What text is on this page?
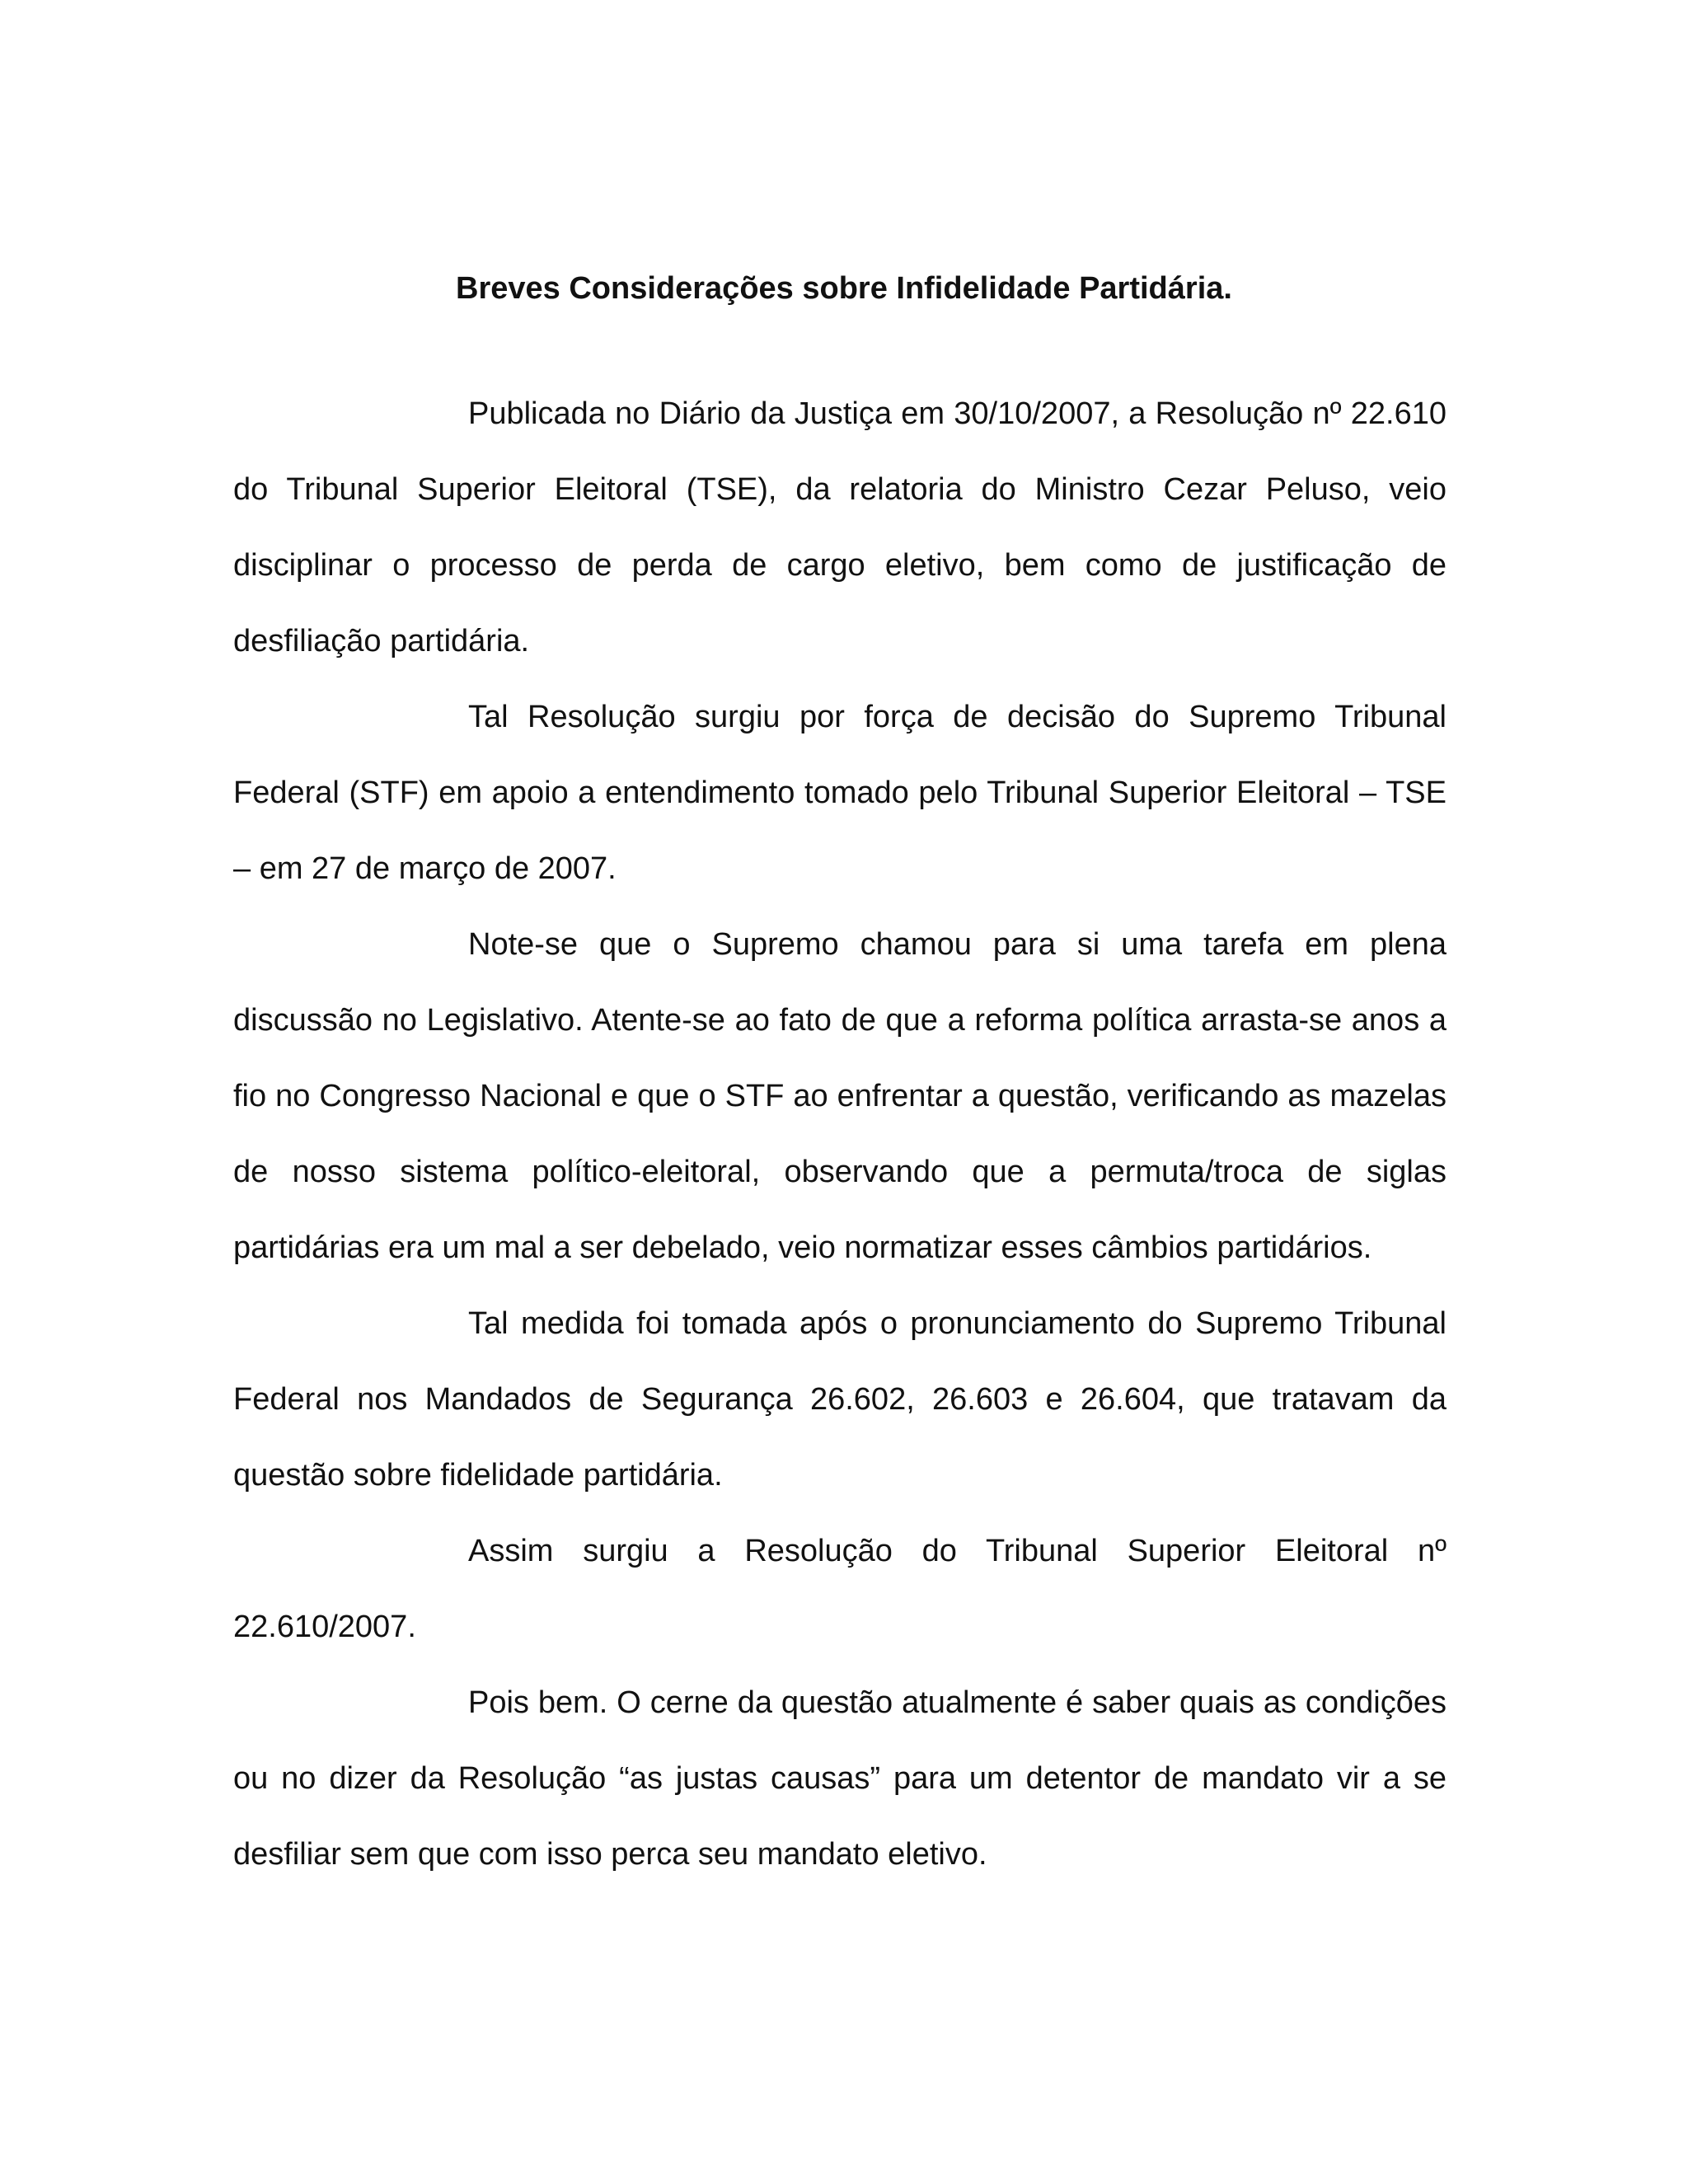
Breves Considerações sobre Infidelidade Partidária.

Publicada no Diário da Justiça em 30/10/2007, a Resolução nº 22.610 do Tribunal Superior Eleitoral (TSE), da relatoria do Ministro Cezar Peluso, veio disciplinar o processo de perda de cargo eletivo, bem como de justificação de desfiliação partidária.

Tal Resolução surgiu por força de decisão do Supremo Tribunal Federal (STF) em apoio a entendimento tomado pelo Tribunal Superior Eleitoral – TSE – em 27 de março de 2007.

Note-se que o Supremo chamou para si uma tarefa em plena discussão no Legislativo. Atente-se ao fato de que a reforma política arrasta-se anos a fio no Congresso Nacional e que o STF ao enfrentar a questão, verificando as mazelas de nosso sistema político-eleitoral, observando que a permuta/troca de siglas partidárias era um mal a ser debelado, veio normatizar esses câmbios partidários.

Tal medida foi tomada após o pronunciamento do Supremo Tribunal Federal nos Mandados de Segurança 26.602, 26.603 e 26.604, que tratavam da questão sobre fidelidade partidária.

Assim surgiu a Resolução do Tribunal Superior Eleitoral nº 22.610/2007.

Pois bem. O cerne da questão atualmente é saber quais as condições ou no dizer da Resolução “as justas causas” para um detentor de mandato vir a se desfiliar sem que com isso perca seu mandato eletivo.
